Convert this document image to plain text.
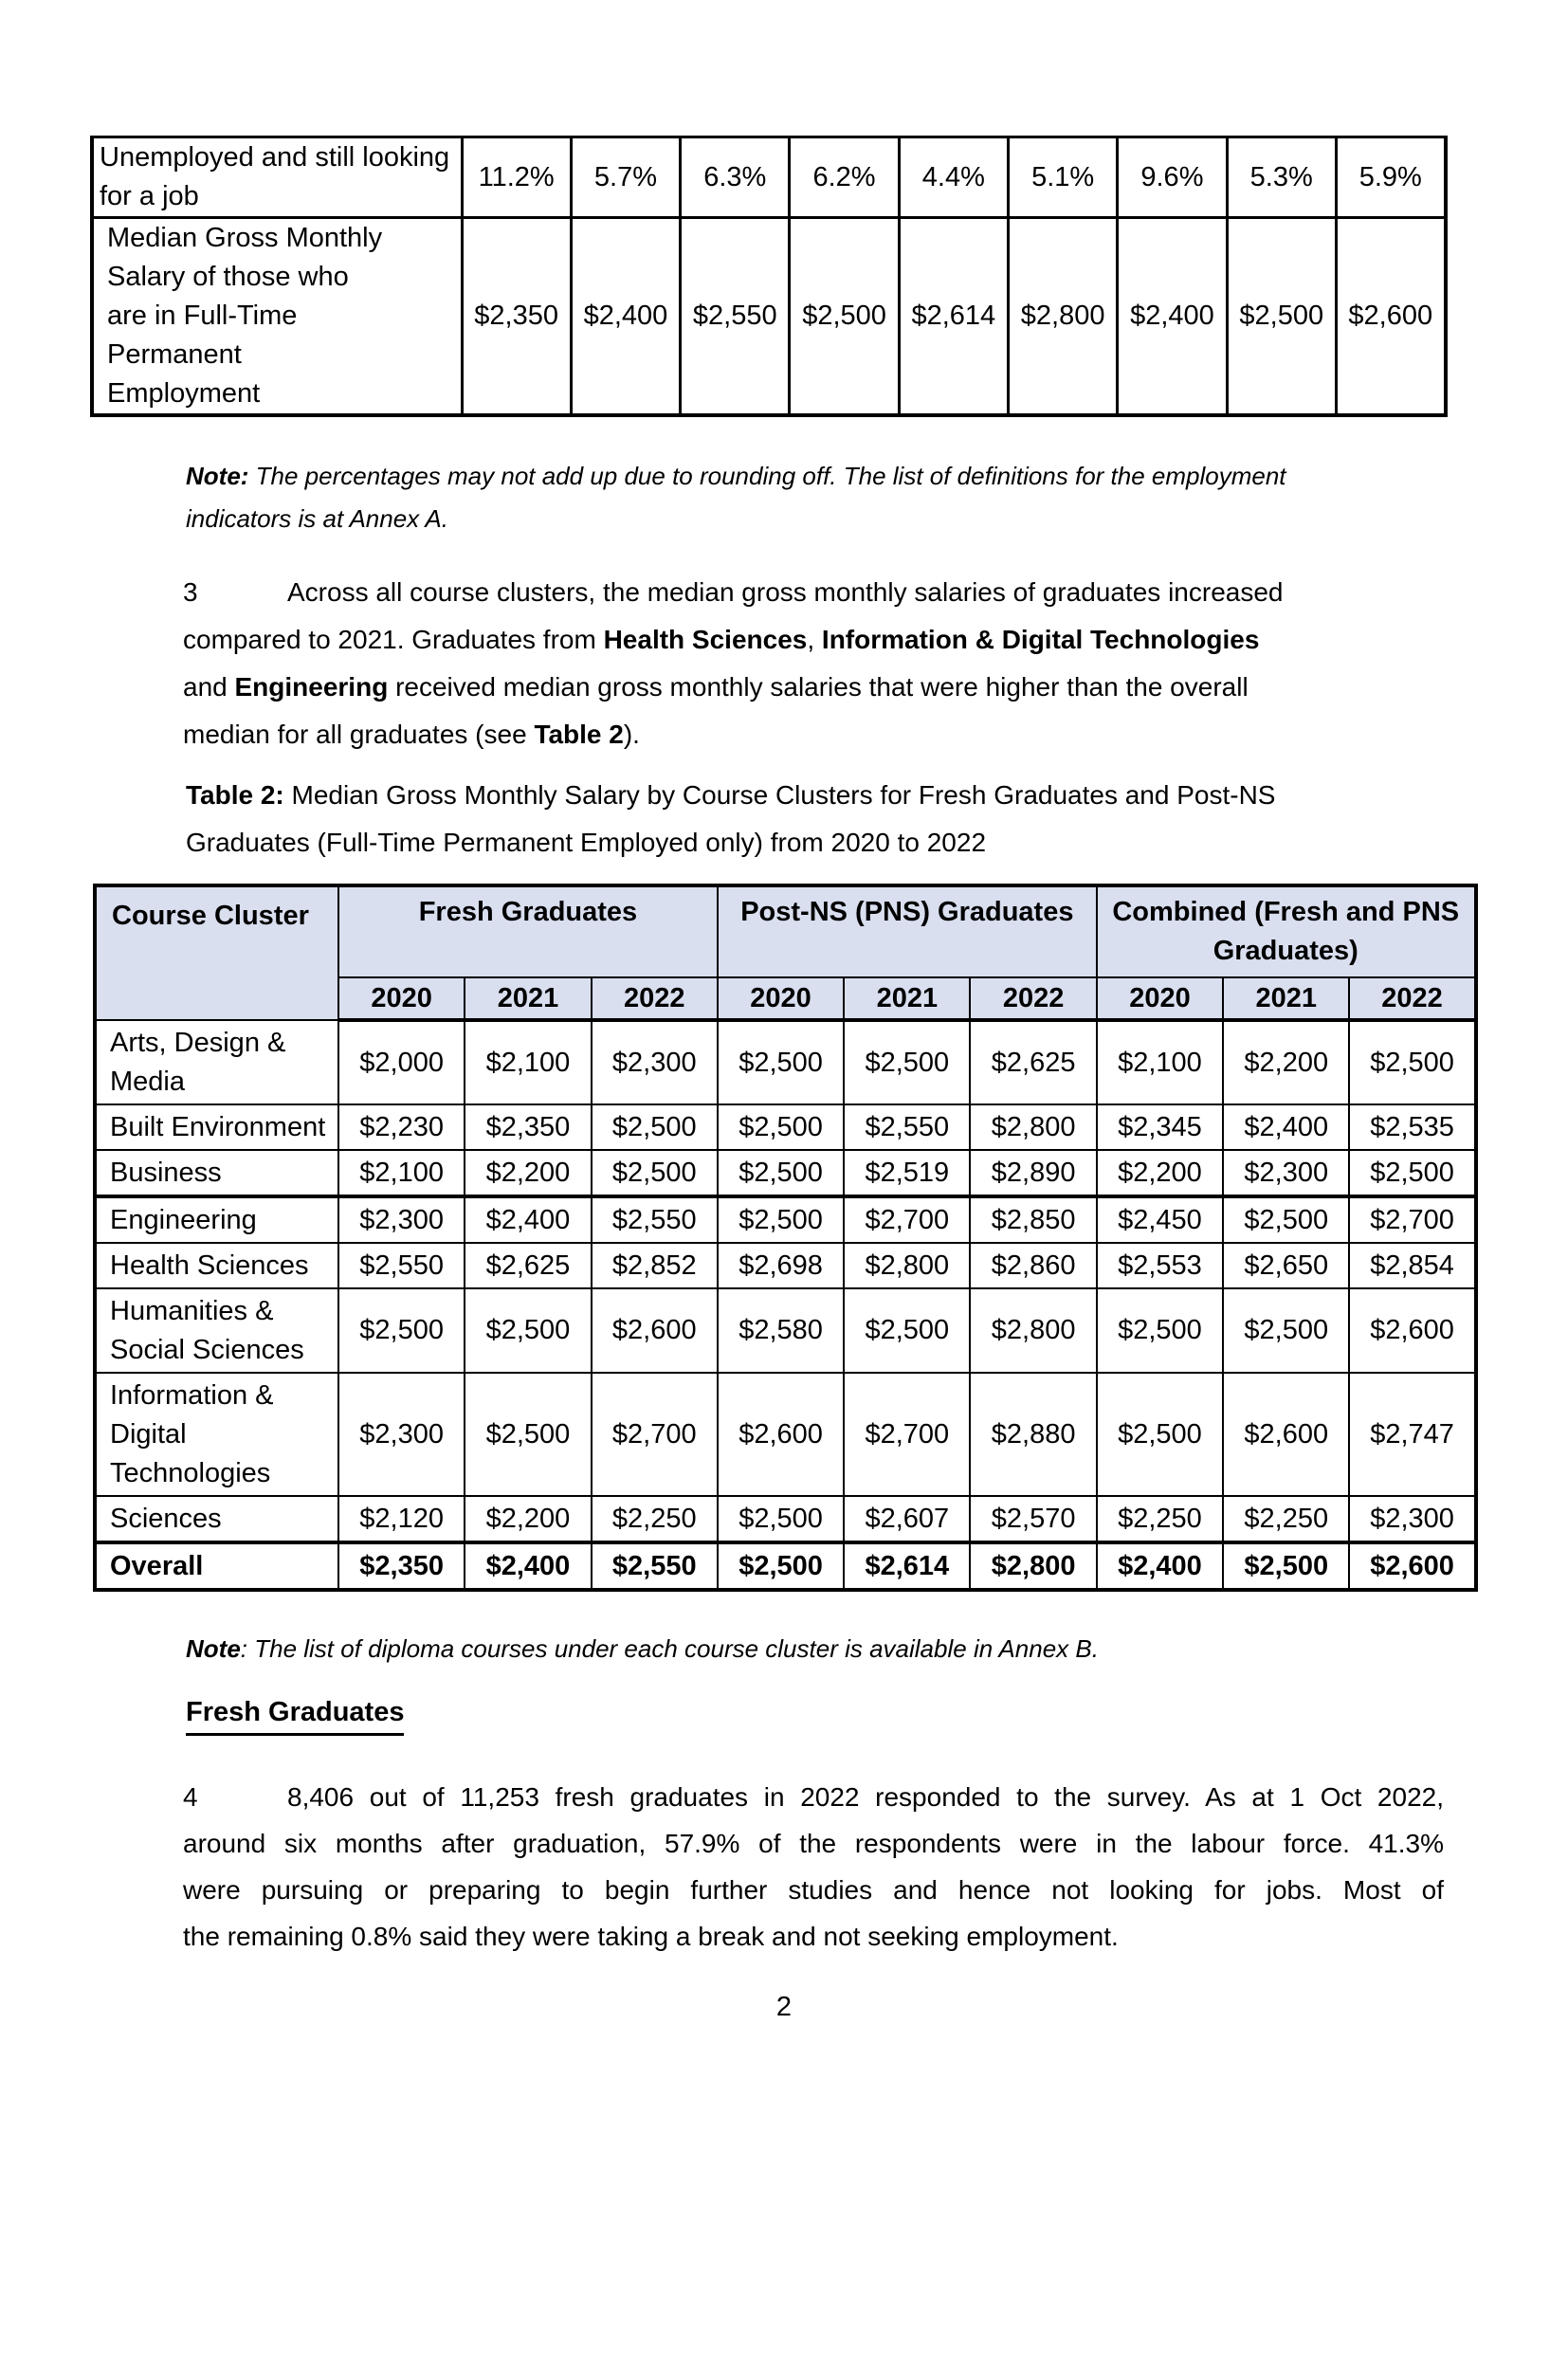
Unemployed and still looking for a job	11.2%	5.7%	6.3%	6.2%	4.4%	5.1%	9.6%	5.3%	5.9%
Median Gross Monthly Salary of those who are in Full-Time Permanent Employment	$2,350	$2,400	$2,550	$2,500	$2,614	$2,800	$2,400	$2,500	$2,600
Note: The percentages may not add up due to rounding off. The list of definitions for the employment
indicators is at Annex A.
3	Across all course clusters, the median gross monthly salaries of graduates increased
compared to 2021. Graduates from Health Sciences, Information & Digital Technologies
and Engineering received median gross monthly salaries that were higher than the overall
median for all graduates (see Table 2).
Table 2: Median Gross Monthly Salary by Course Clusters for Fresh Graduates and Post-NS
Graduates (Full-Time Permanent Employed only) from 2020 to 2022
Course Cluster	Fresh Graduates			Post-NS (PNS) Graduates			Combined (Fresh and PNS Graduates)		
	2020	2021	2022	2020	2021	2022	2020	2021	2022
Arts, Design & Media	$2,000	$2,100	$2,300	$2,500	$2,500	$2,625	$2,100	$2,200	$2,500
Built Environment	$2,230	$2,350	$2,500	$2,500	$2,550	$2,800	$2,345	$2,400	$2,535
Business	$2,100	$2,200	$2,500	$2,500	$2,519	$2,890	$2,200	$2,300	$2,500
Engineering	$2,300	$2,400	$2,550	$2,500	$2,700	$2,850	$2,450	$2,500	$2,700
Health Sciences	$2,550	$2,625	$2,852	$2,698	$2,800	$2,860	$2,553	$2,650	$2,854
Humanities & Social Sciences	$2,500	$2,500	$2,600	$2,580	$2,500	$2,800	$2,500	$2,500	$2,600
Information & Digital Technologies	$2,300	$2,500	$2,700	$2,600	$2,700	$2,880	$2,500	$2,600	$2,747
Sciences	$2,120	$2,200	$2,250	$2,500	$2,607	$2,570	$2,250	$2,250	$2,300
Overall	$2,350	$2,400	$2,550	$2,500	$2,614	$2,800	$2,400	$2,500	$2,600
Note: The list of diploma courses under each course cluster is available in Annex B.
Fresh Graduates
4	8,406 out of 11,253 fresh graduates in 2022 responded to the survey. As at 1 Oct 2022,
around six months after graduation, 57.9% of the respondents were in the labour force. 41.3%
were pursuing or preparing to begin further studies and hence not looking for jobs. Most of
the remaining 0.8% said they were taking a break and not seeking employment.
2
